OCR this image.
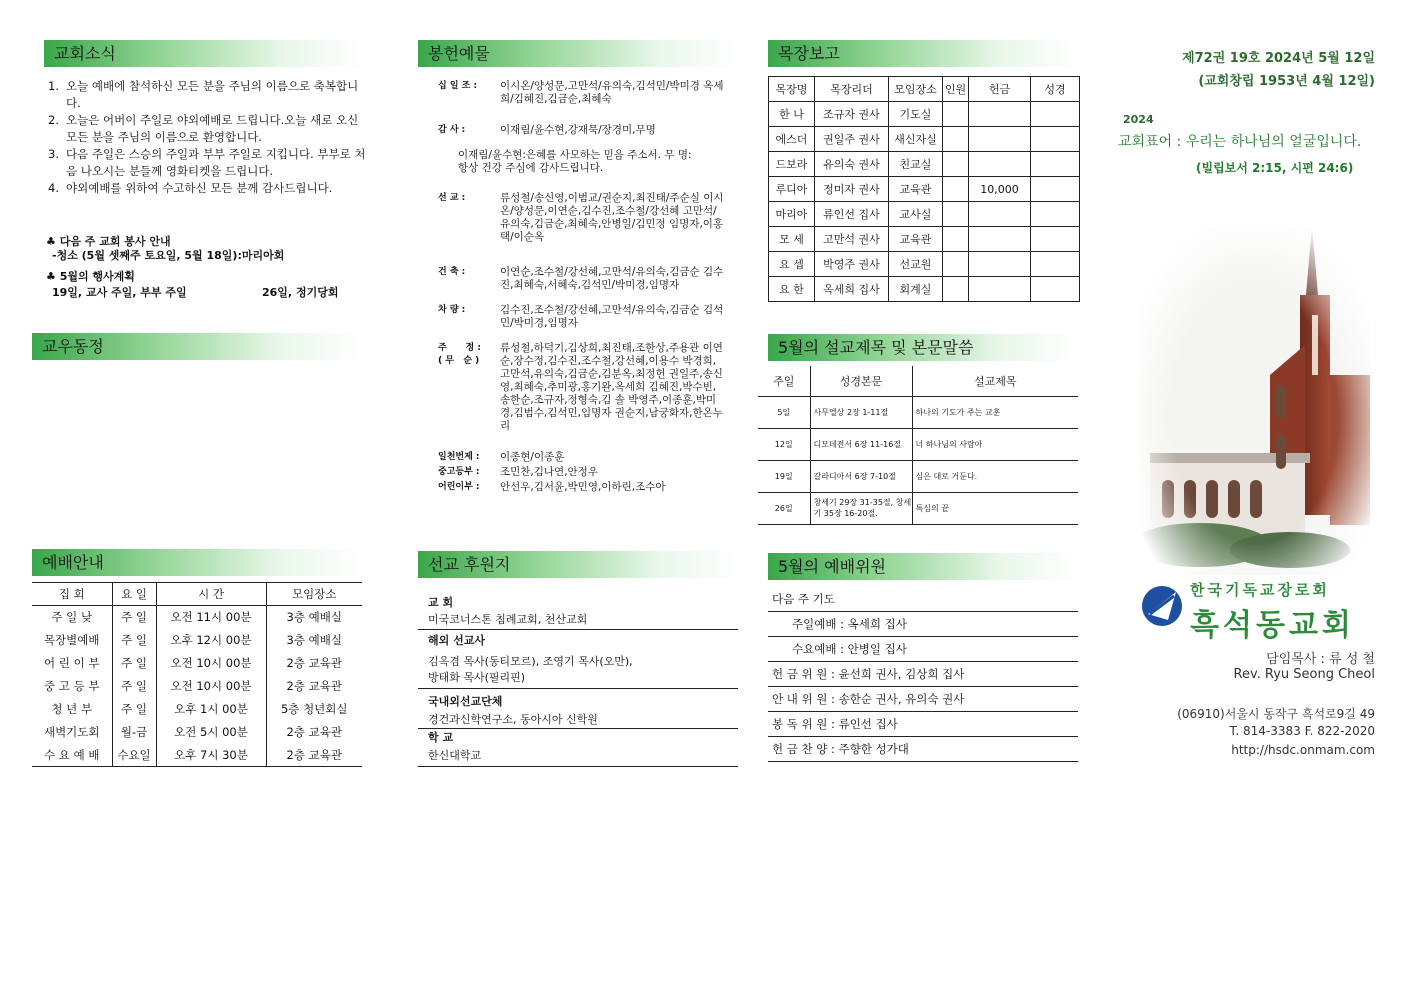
교회소식
1. 오늘 예배에 참석하신 모든 분을 주님의 이름으로 축복합니다.
2. 오늘은 어버이 주일로 야외예배로 드립니다.오늘 새로 오신 모든 분을 주님의 이름으로 환영합니다.
3. 다음 주일은 스승의 주일과 부부 주일로 지킵니다. 부부로 처음 나오시는 분들께 영화티켓을 드립니다.
4. 야외예배를 위하여 수고하신 모든 분께 감사드립니다.
♣ 다음 주 교회 봉사 안내
-청소 (5월 셋째주 토요일, 5월 18일):마리아회
♣ 5월의 행사계획
19일, 교사 주일, 부부 주일	26일, 정기당회
교우동정
예배안내
집 회	요 일	시 간	모임장소
주 일 낮	주 일	오전 11시 00분	3층 예배실
목장별예배	주 일	오후 12시 00분	3층 예배실
어 린 이 부	주 일	오전 10시 00분	2층 교육관
중 고 등 부	주 일	오전 10시 00분	2층 교육관
청 년 부	주 일	오후 1시 00분	5층 청년회실
새벽기도회	월-금	오전 5시 00분	2층 교육관
수 요 예 배	수요일	오후 7시 30분	2층 교육관
봉헌예물
십 일 조 :	이시온/양성문,고만석/유의숙,김석민/박미경 옥세희/김혜진,김금순,최혜숙
감 사 :	이재림/윤수현,강재묵/장경미,무명
이재림/윤수현:은혜를 사모하는 믿음 주소서. 무 명:항상 건강 주심에 감사드립니다.
선 교 :	류성철/송신영,이범교/권순지,최진태/주순실 이시온/양성문,이연순,김수진,조수철/강선혜 고만석/유의숙,김금순,최혜숙,안병일/김민정 임명자,이홍택/이순옥
건 축 :	이연순,조수철/강선혜,고만석/유의숙,김금순 김수진,최혜숙,서혜숙,김석민/박미경,임명자
차 량 :	김수진,조수철/강선혜,고만석/유의숙,김금순 김석민/박미경,임명자
주      정 :
( 무   순 )
류성철,하덕기,김상희,최진태,조한상,주용관 이연순,장수정,김수진,조수철,강선혜,이용수 박경희,고만석,유의숙,김금순,김분옥,최정헌 권일주,송신영,최혜숙,추미광,홍기완,옥세희 김혜진,박수빈,송한순,조규자,정형숙,김 솔 박영주,이종훈,박미경,김범수,김석민,임명자 권순지,남궁화자,한온누리
일천번제 :	이종현/이종훈
중고등부 :	조민찬,김나연,안정우
어린이부 :	안선우,김서윤,박민영,이하린,조수아
선교 후원지
교 회
미국코너스톤 침례교회, 천산교회
해외 선교사
김옥겸 목사(동티모르), 조영기 목사(오만),
방태화 목사(필리핀)
국내외선교단체
경건과신학연구소, 동아시아 신학원
학 교
한신대학교
목장보고
목장명	목장리더	모임장소	인원	헌금	성경
한 나	조규자 권사	기도실			
에스더	권일주 권사	새신자실			
드보라	유의숙 권사	친교실			
루디아	정미자 권사	교육관		10,000	
마리아	류인선 집사	교사실			
모 세	고만석 권사	교육관			
요 셉	박영주 권사	선교원			
요 한	옥세희 집사	회계실			
5월의 설교제목 및 본문말씀
주일	성경본문	설교제목
5일	사무엘상 2장 1-11절	하나의 기도가 주는 교훈
12일	디모데전서 6장 11-16절	너 하나님의 사람아
19일	갈라디아서 6장 7-10절	심은 대로 거둔다.
26일	창세기 29장 31-35절, 창세기 35장 16-20절.	특심의 끝
5월의 예배위원
다음 주 기도
주일예배 : 옥세희 집사
수요예배 : 안병일 집사
헌 금 위 원 : 윤선희 권사, 김상희 집사
안 내 위 원 : 송한순 권사, 유의숙 권사
봉 독 위 원 : 류인선 집사
헌 금 찬 양 : 주향한 성가대
제72권 19호 2024년 5월 12일
(교회창립 1953년 4월 12일)
2024
교회표어 : 우리는 하나님의 얼굴입니다.
(빌립보서 2:15, 시편 24:6)
한국기독교장로회
흑석동교회
담임목사 : 류 성 철
Rev. Ryu Seong Cheol
(06910)서울시 동작구 흑석로9길 49
T. 814-3383 F. 822-2020
http://hsdc.onmam.com
